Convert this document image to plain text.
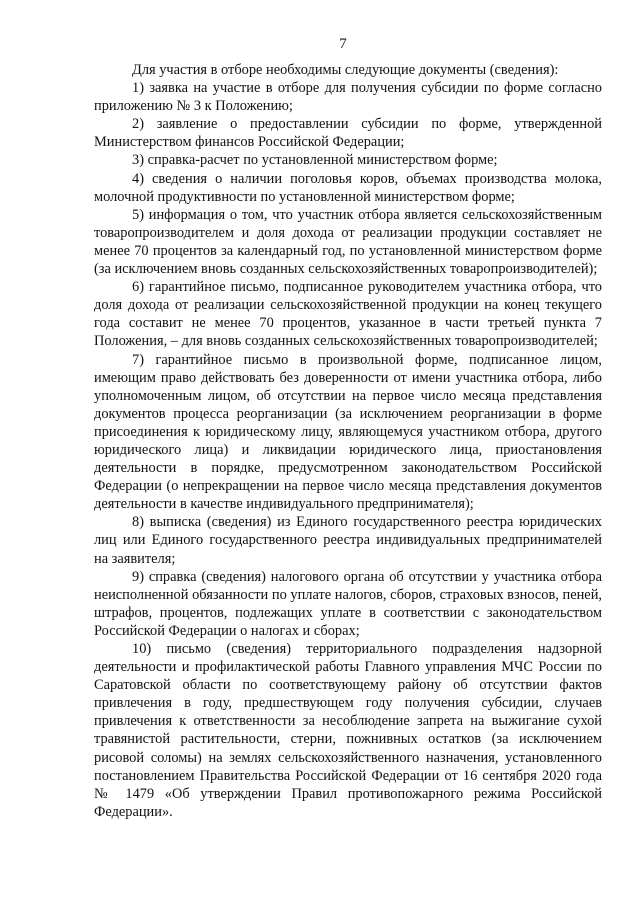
7

Для участия в отборе необходимы следующие документы (сведения):

1) заявка на участие в отборе для получения субсидии по форме согласно приложению № 3 к Положению;

2) заявление о предоставлении субсидии по форме, утвержденной Министерством финансов Российской Федерации;

3) справка-расчет по установленной министерством форме;

4) сведения о наличии поголовья коров, объемах производства молока, молочной продуктивности по установленной министерством форме;

5) информация о том, что участник отбора является сельскохозяйственным товаропроизводителем и доля дохода от реализации продукции составляет не менее 70 процентов за календарный год, по установленной министерством форме (за исключением вновь созданных сельскохозяйственных товаропроизводителей);

6) гарантийное письмо, подписанное руководителем участника отбора, что доля дохода от реализации сельскохозяйственной продукции на конец текущего года составит не менее 70 процентов, указанное в части третьей пункта 7 Положения, – для вновь созданных сельскохозяйственных товаропроизводителей;

7) гарантийное письмо в произвольной форме, подписанное лицом, имеющим право действовать без доверенности от имени участника отбора, либо уполномоченным лицом, об отсутствии на первое число месяца представления документов процесса реорганизации (за исключением реорганизации в форме присоединения к юридическому лицу, являющемуся участником отбора, другого юридического лица) и ликвидации юридического лица, приостановления деятельности в порядке, предусмотренном законодательством Российской Федерации (о непрекращении на первое число месяца представления документов деятельности в качестве индивидуального предпринимателя);

8) выписка (сведения) из Единого государственного реестра юридических лиц или Единого государственного реестра индивидуальных предпринимателей на заявителя;

9) справка (сведения) налогового органа об отсутствии у участника отбора неисполненной обязанности по уплате налогов, сборов, страховых взносов, пеней, штрафов, процентов, подлежащих уплате в соответствии с законодательством Российской Федерации о налогах и сборах;

10) письмо (сведения) территориального подразделения надзорной деятельности и профилактической работы Главного управления МЧС России по Саратовской области по соответствующему району об отсутствии фактов привлечения в году, предшествующем году получения субсидии, случаев привлечения к ответственности за несоблюдение запрета на выжигание сухой травянистой растительности, стерни, пожнивных остатков (за исключением рисовой соломы) на землях сельскохозяйственного назначения, установленного постановлением Правительства Российской Федерации от 16 сентября 2020 года № 1479 «Об утверждении Правил противопожарного режима Российской Федерации».
